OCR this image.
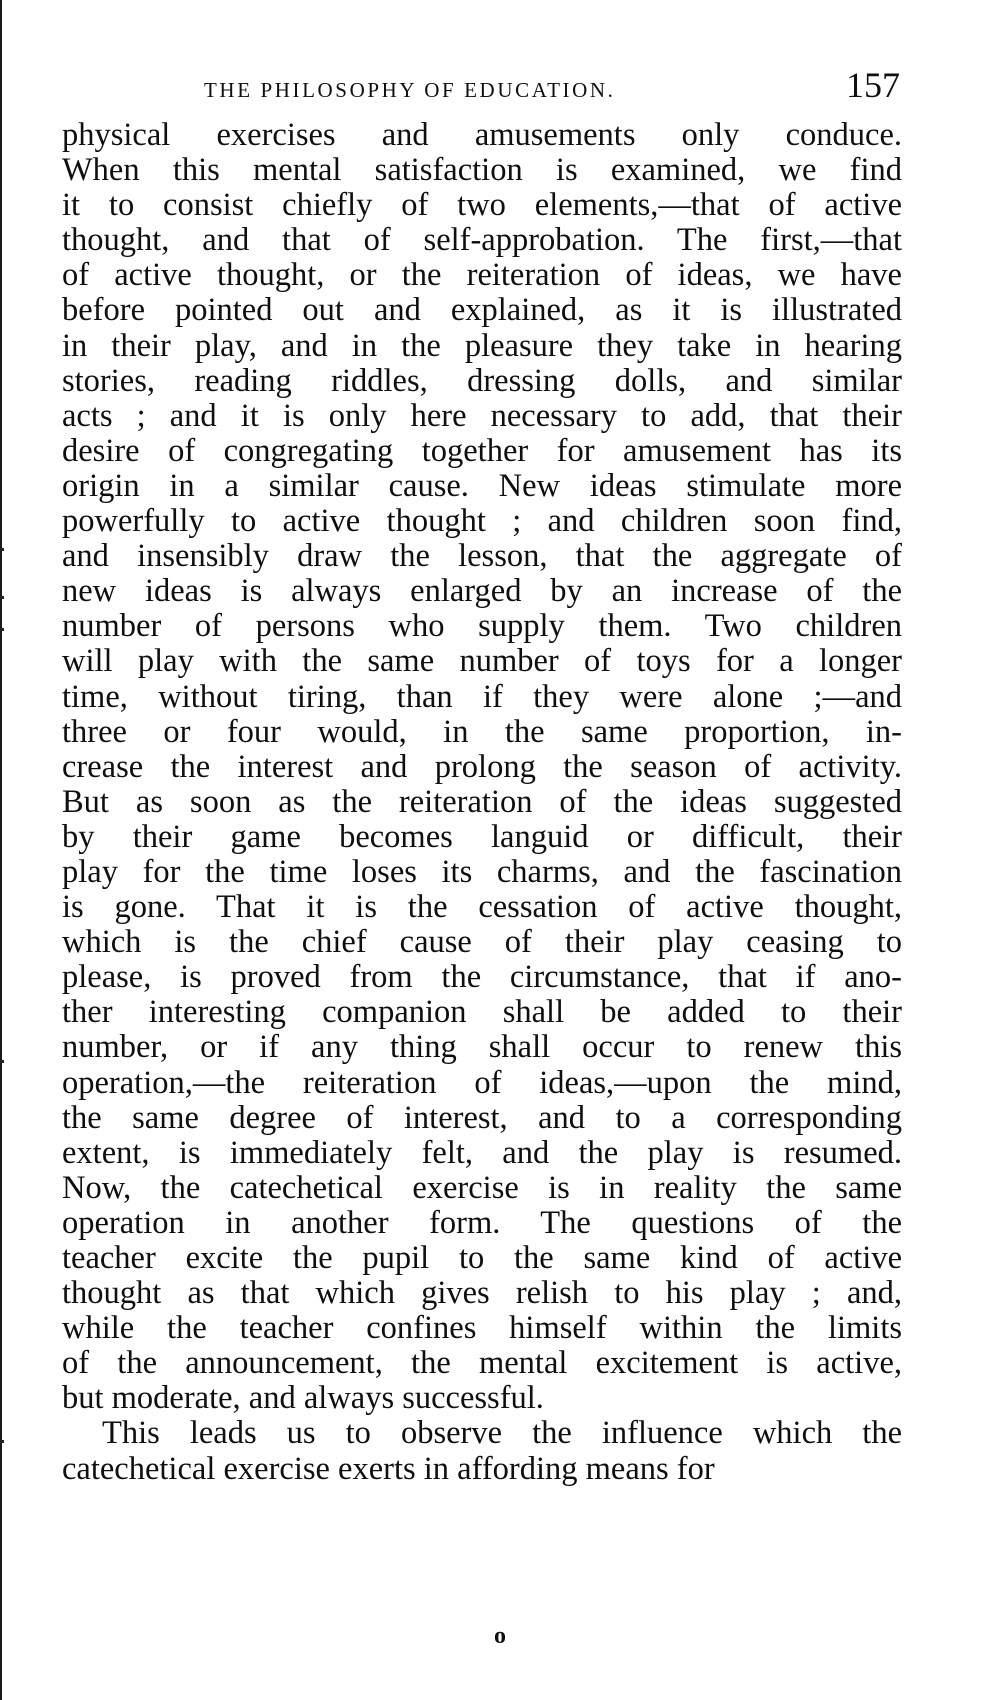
THE PHILOSOPHY OF EDUCATION.	157
physical exercises and amusements only conduce.
When this mental satisfaction is examined, we find
it to consist chiefly of two elements,—that of active
thought, and that of self-approbation. The first,—that
of active thought, or the reiteration of ideas, we have
before pointed out and explained, as it is illustrated
in their play, and in the pleasure they take in hearing
stories, reading riddles, dressing dolls, and similar
acts ; and it is only here necessary to add, that their
desire of congregating together for amusement has its
origin in a similar cause. New ideas stimulate more
powerfully to active thought ; and children soon find,
and insensibly draw the lesson, that the aggregate of
new ideas is always enlarged by an increase of the
number of persons who supply them. Two children
will play with the same number of toys for a longer
time, without tiring, than if they were alone ;—and
three or four would, in the same proportion, in-
crease the interest and prolong the season of activity.
But as soon as the reiteration of the ideas suggested
by their game becomes languid or difficult, their
play for the time loses its charms, and the fascination
is gone. That it is the cessation of active thought,
which is the chief cause of their play ceasing to
please, is proved from the circumstance, that if ano-
ther interesting companion shall be added to their
number, or if any thing shall occur to renew this
operation,—the reiteration of ideas,—upon the mind,
the same degree of interest, and to a corresponding
extent, is immediately felt, and the play is resumed.
Now, the catechetical exercise is in reality the same
operation in another form. The questions of the
teacher excite the pupil to the same kind of active
thought as that which gives relish to his play ; and,
while the teacher confines himself within the limits
of the announcement, the mental excitement is active,
but moderate, and always successful.
This leads us to observe the influence which the
catechetical exercise exerts in affording means for
o
